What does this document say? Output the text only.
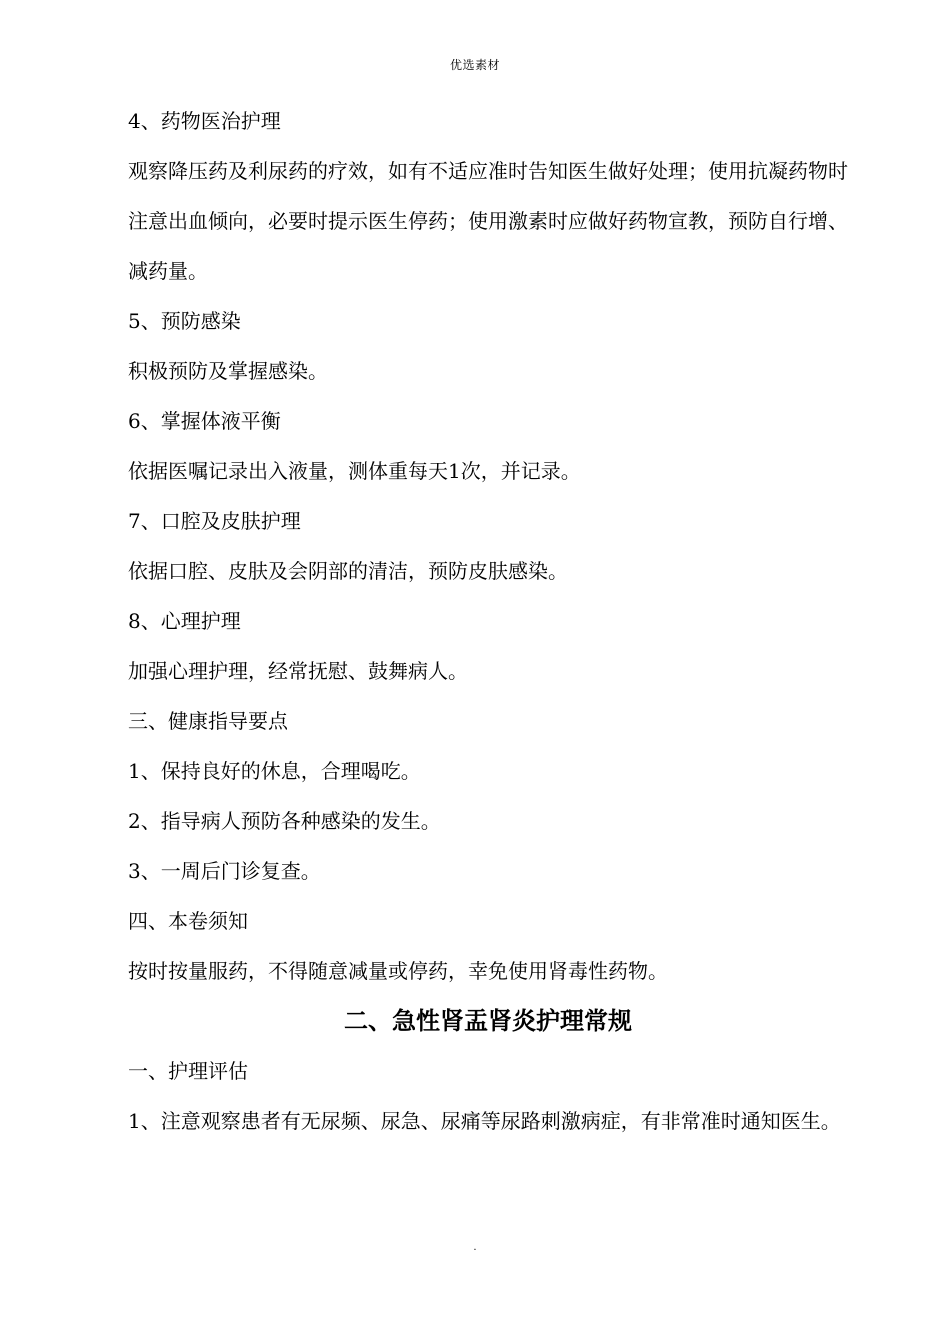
优选素材

4、药物医治护理

观察降压药及利尿药的疗效，如有不适应准时告知医生做好处理；使用抗凝药物时注意出血倾向，必要时提示医生停药；使用激素时应做好药物宣教，预防自行增、减药量。

5、预防感染

积极预防及掌握感染。

6、掌握体液平衡

依据医嘱记录出入液量，测体重每天1次，并记录。

7、口腔及皮肤护理

依据口腔、皮肤及会阴部的清洁，预防皮肤感染。

8、心理护理

加强心理护理，经常抚慰、鼓舞病人。

三、健康指导要点

1、保持良好的休息，合理喝吃。

2、指导病人预防各种感染的发生。

3、一周后门诊复查。

四、本卷须知

按时按量服药，不得随意减量或停药，幸免使用肾毒性药物。

二、急性肾盂肾炎护理常规

一、护理评估

1、注意观察患者有无尿频、尿急、尿痛等尿路刺激病症，有非常准时通知医生。

.
